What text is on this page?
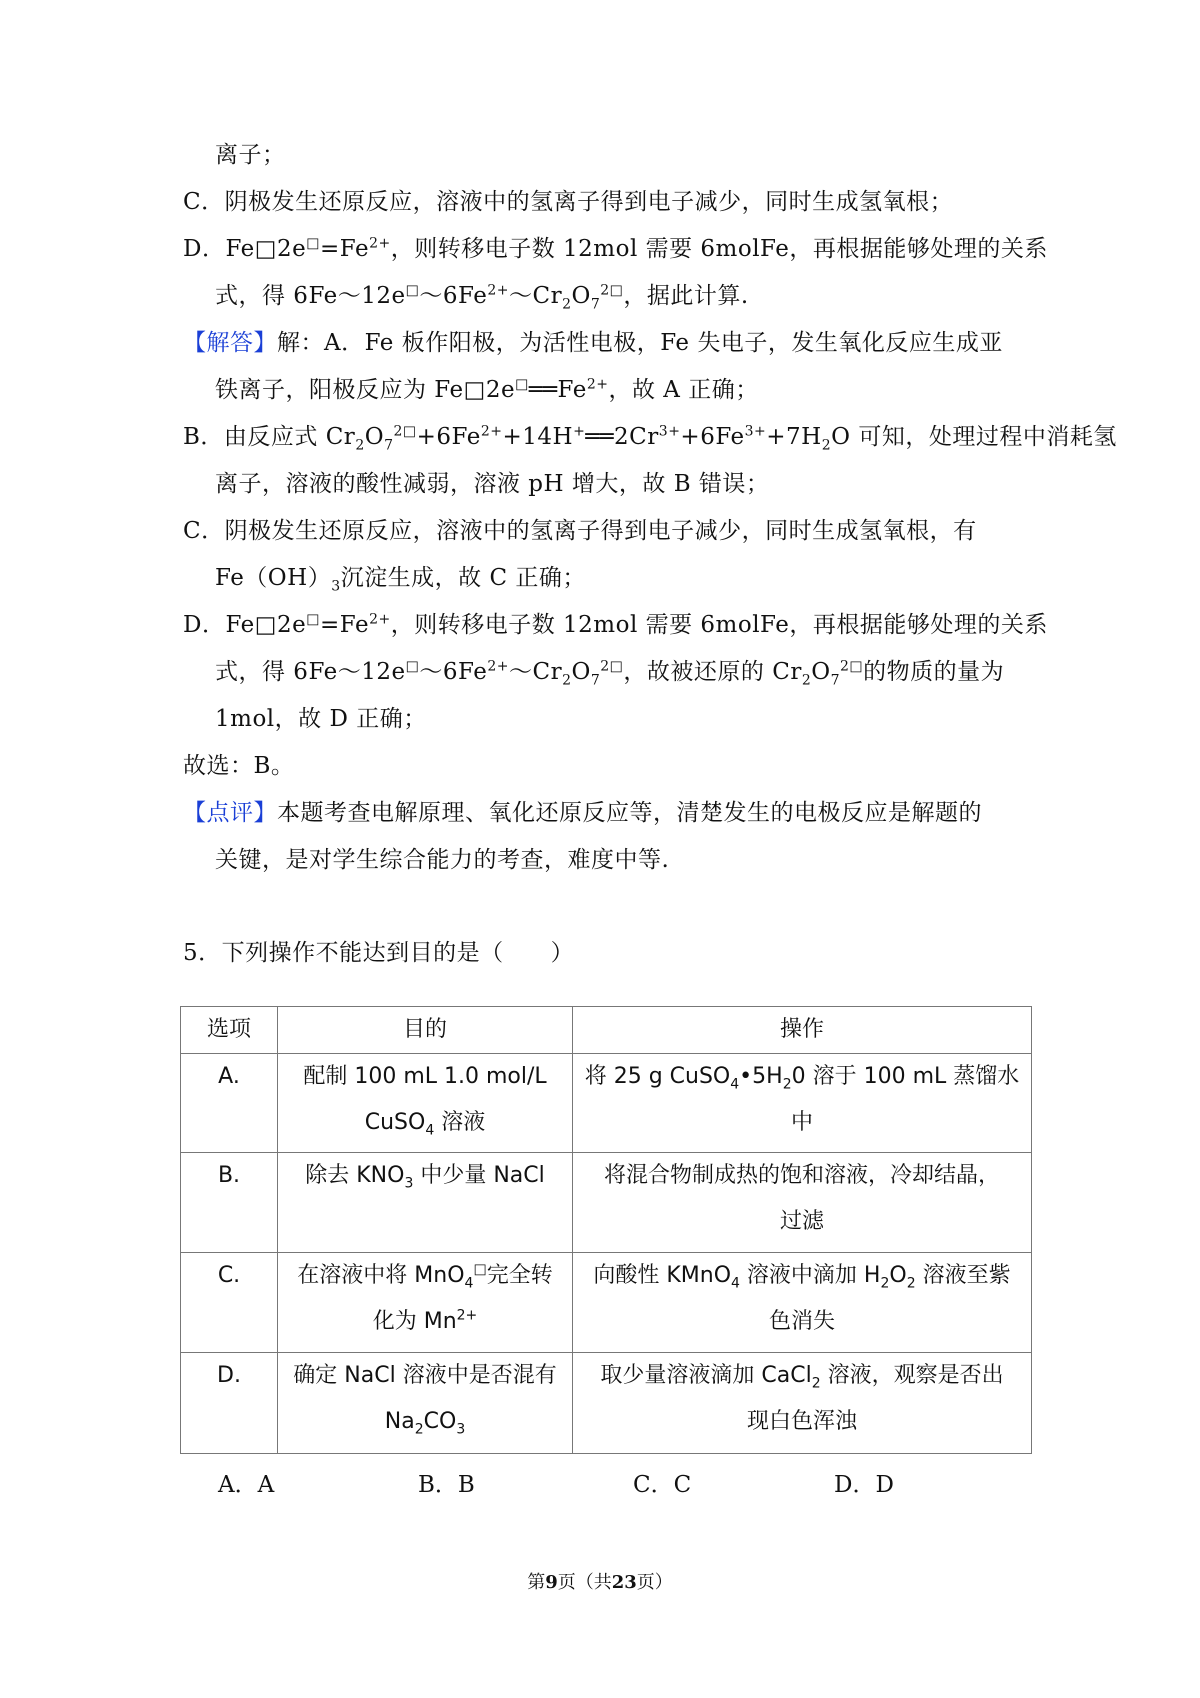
离子；
C．阴极发生还原反应，溶液中的氢离子得到电子减少，同时生成氢氧根；
D．$Fe□2e^□=Fe^{2+}$，则转移电子数 12mol 需要 6molFe，再根据能够处理的关系
式，得 $6Fe\sim 12e^□\sim 6Fe^{2+}\sim Cr_2O_7^{2□}$，据此计算.
【解答】解：A．Fe 板作阳极，为活性电极，Fe 失电子，发生氧化反应生成亚
铁离子，阳极反应为 $Fe□2e^□══Fe^{2+}$，故 A 正确；
B．由反应式 $Cr_2O_7^{2□}+6Fe^{2+}+14H^+══2Cr^{3+}+6Fe^{3+}+7H_2O$ 可知，处理过程中消耗氢
离子，溶液的酸性减弱，溶液 pH 增大，故 B 错误；
C．阴极发生还原反应，溶液中的氢离子得到电子减少，同时生成氢氧根，有
$Fe(OH)_3$沉淀生成，故 C 正确；
D．$Fe□2e^□=Fe^{2+}$，则转移电子数 12mol 需要 6molFe，再根据能够处理的关系
式，得 $6Fe\sim 12e^□\sim 6Fe^{2+}\sim Cr_2O_7^{2□}$，故被还原的 $Cr_2O_7^{2□}$的物质的量为
1mol，故 D 正确；
故选：B。
【点评】本题考查电解原理、氧化还原反应等，清楚发生的电极反应是解题的
关键，是对学生综合能力的考查，难度中等.
5．下列操作不能达到目的是（　　）
选项	目的	操作
A.	配制 100 mL 1.0 mol/L
CuSO$_4$ 溶液	将 25 g $CuSO_4•5H_20$ 溶于 100 mL 蒸馏水中
B.	除去 $KNO_3$ 中少量 NaCl	将混合物制成热的饱和溶液，冷却结晶，
过滤
C.	在溶液中将 MnO$_4$□完全转
化为 $Mn^{2+}$	向酸性 KMnO$_4$ 溶液中滴加 $H_2O_2$ 溶液至紫
色消失
D.	确定 NaCl 溶液中是否混有
$Na_2CO_3$	取少量溶液滴加 CaCl$_2$ 溶液，观察是否出
现白色浑浊
A．A	B．B	C．C	D．D
第9页（共23页）
